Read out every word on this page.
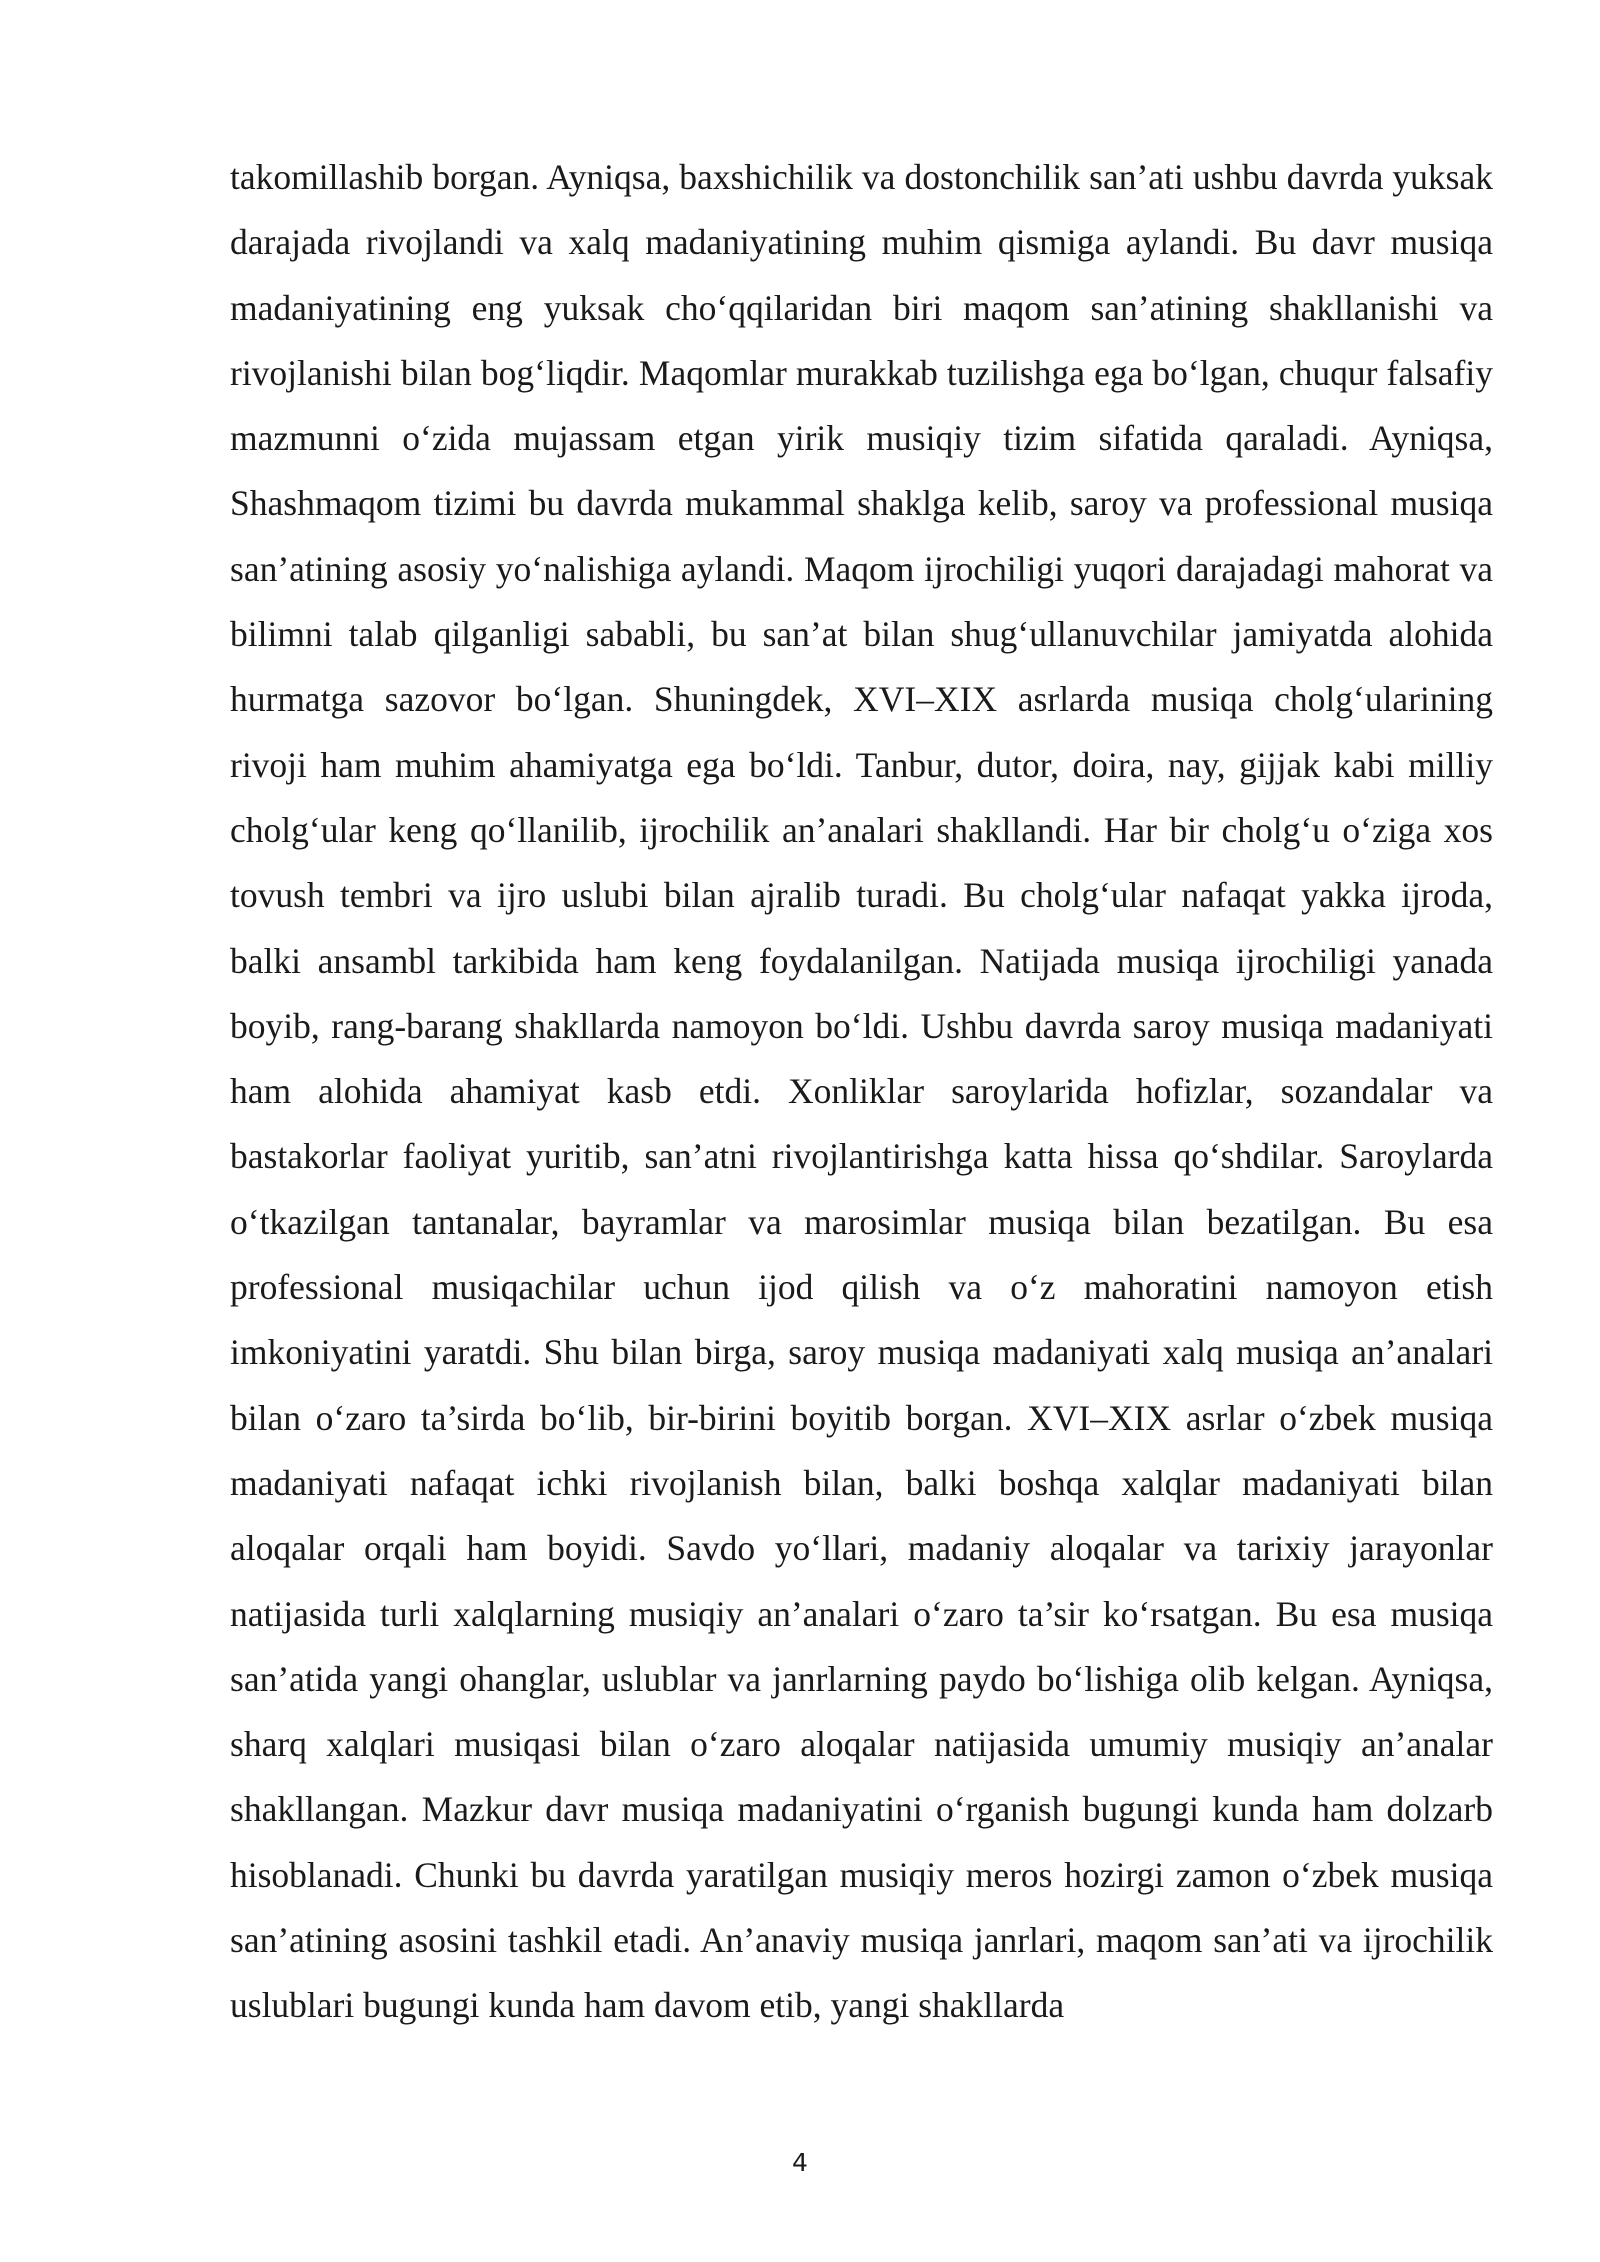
takomillashib borgan. Ayniqsa, baxshichilik va dostonchilik san’ati ushbu davrda yuksak darajada rivojlandi va xalq madaniyatining muhim qismiga aylandi. Bu davr musiqa madaniyatining eng yuksak cho‘qqilaridan biri maqom san’atining shakllanishi va rivojlanishi bilan bog‘liqdir. Maqomlar murakkab tuzilishga ega bo‘lgan, chuqur falsafiy mazmunni o‘zida mujassam etgan yirik musiqiy tizim sifatida qaraladi. Ayniqsa, Shashmaqom tizimi bu davrda mukammal shaklga kelib, saroy va professional musiqa san’atining asosiy yo‘nalishiga aylandi. Maqom ijrochiligi yuqori darajadagi mahorat va bilimni talab qilganligi sababli, bu san’at bilan shug‘ullanuvchilar jamiyatda alohida hurmatga sazovor bo‘lgan. Shuningdek, XVI–XIX asrlarda musiqa cholg‘ularining rivoji ham muhim ahamiyatga ega bo‘ldi. Tanbur, dutor, doira, nay, gijjak kabi milliy cholg‘ular keng qo‘llanilib, ijrochilik an’analari shakllandi. Har bir cholg‘u o‘ziga xos tovush tembri va ijro uslubi bilan ajralib turadi. Bu cholg‘ular nafaqat yakka ijroda, balki ansambl tarkibida ham keng foydalanilgan. Natijada musiqa ijrochiligi yanada boyib, rang-barang shakllarda namoyon bo‘ldi. Ushbu davrda saroy musiqa madaniyati ham alohida ahamiyat kasb etdi. Xonliklar saroylarida hofizlar, sozandalar va bastakorlar faoliyat yuritib, san’atni rivojlantirishga katta hissa qo‘shdilar. Saroylarda o‘tkazilgan tantanalar, bayramlar va marosimlar musiqa bilan bezatilgan. Bu esa professional musiqachilar uchun ijod qilish va o‘z mahoratini namoyon etish imkoniyatini yaratdi. Shu bilan birga, saroy musiqa madaniyati xalq musiqa an’analari bilan o‘zaro ta’sirda bo‘lib, bir-birini boyitib borgan. XVI–XIX asrlar o‘zbek musiqa madaniyati nafaqat ichki rivojlanish bilan, balki boshqa xalqlar madaniyati bilan aloqalar orqali ham boyidi. Savdo yo‘llari, madaniy aloqalar va tarixiy jarayonlar natijasida turli xalqlarning musiqiy an’analari o‘zaro ta’sir ko‘rsatgan. Bu esa musiqa san’atida yangi ohanglar, uslublar va janrlarning paydo bo‘lishiga olib kelgan. Ayniqsa, sharq xalqlari musiqasi bilan o‘zaro aloqalar natijasida umumiy musiqiy an’analar shakllangan. Mazkur davr musiqa madaniyatini o‘rganish bugungi kunda ham dolzarb hisoblanadi. Chunki bu davrda yaratilgan musiqiy meros hozirgi zamon o‘zbek musiqa san’atining asosini tashkil etadi. An’anaviy musiqa janrlari, maqom san’ati va ijrochilik uslublari bugungi kunda ham davom etib, yangi shakllarda

4
